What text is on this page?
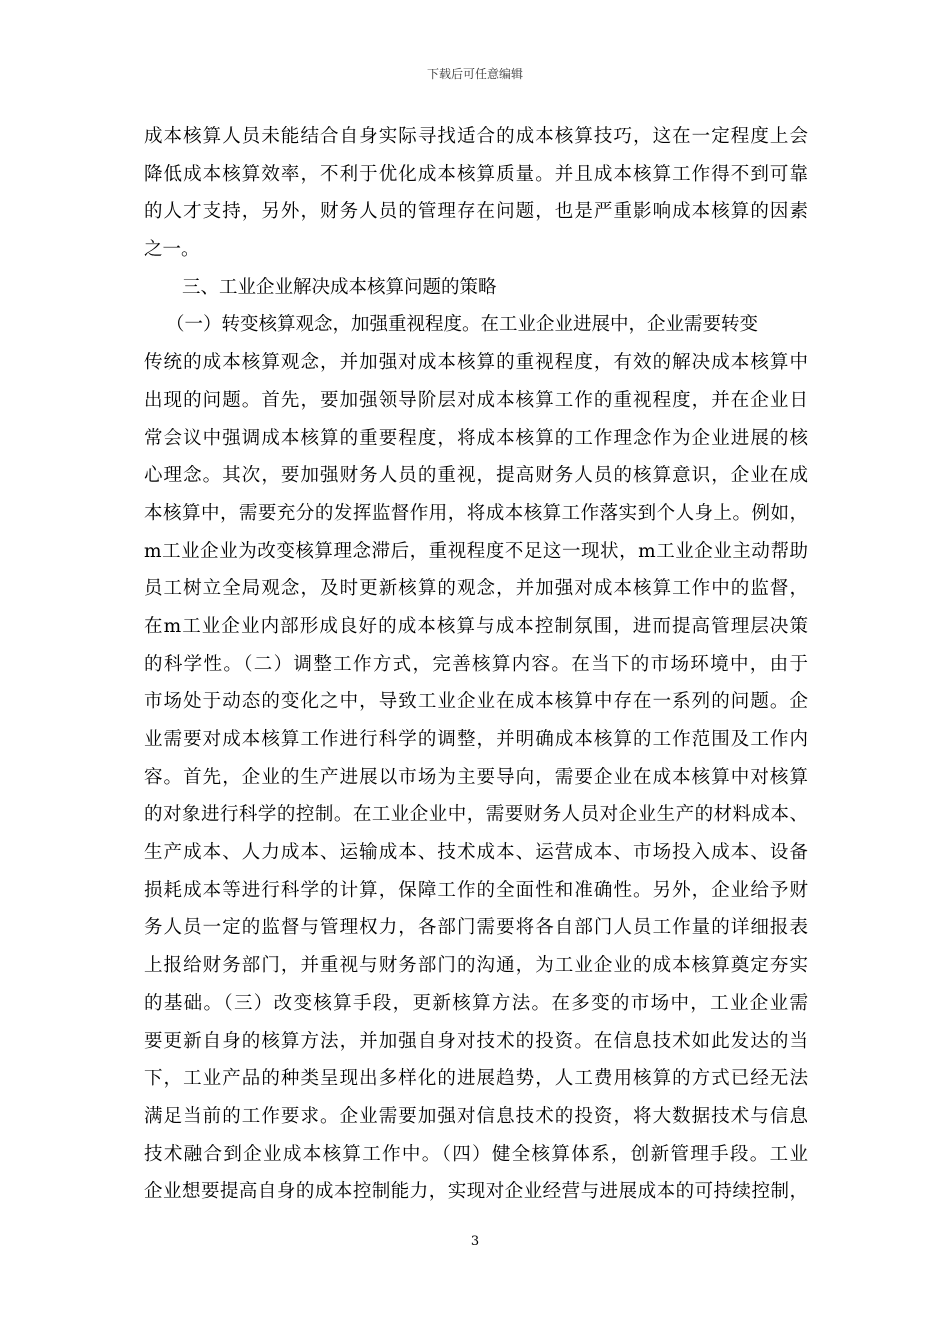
下载后可任意编辑
成本核算人员未能结合自身实际寻找适合的成本核算技巧，这在一定程度上会
降低成本核算效率，不利于优化成本核算质量。并且成本核算工作得不到可靠
的人才支持，另外，财务人员的管理存在问题，也是严重影响成本核算的因素
之一。
三、工业企业解决成本核算问题的策略
（一）转变核算观念，加强重视程度。在工业企业进展中，企业需要转变
传统的成本核算观念，并加强对成本核算的重视程度，有效的解决成本核算中
出现的问题。首先，要加强领导阶层对成本核算工作的重视程度，并在企业日
常会议中强调成本核算的重要程度，将成本核算的工作理念作为企业进展的核
心理念。其次，要加强财务人员的重视，提高财务人员的核算意识，企业在成
本核算中，需要充分的发挥监督作用，将成本核算工作落实到个人身上。例如，
m工业企业为改变核算理念滞后，重视程度不足这一现状，m工业企业主动帮助
员工树立全局观念，及时更新核算的观念，并加强对成本核算工作中的监督，
在m工业企业内部形成良好的成本核算与成本控制氛围，进而提高管理层决策
的科学性。（二）调整工作方式，完善核算内容。在当下的市场环境中，由于
市场处于动态的变化之中，导致工业企业在成本核算中存在一系列的问题。企
业需要对成本核算工作进行科学的调整，并明确成本核算的工作范围及工作内
容。首先，企业的生产进展以市场为主要导向，需要企业在成本核算中对核算
的对象进行科学的控制。在工业企业中，需要财务人员对企业生产的材料成本、
生产成本、人力成本、运输成本、技术成本、运营成本、市场投入成本、设备
损耗成本等进行科学的计算，保障工作的全面性和准确性。另外，企业给予财
务人员一定的监督与管理权力，各部门需要将各自部门人员工作量的详细报表
上报给财务部门，并重视与财务部门的沟通，为工业企业的成本核算奠定夯实
的基础。（三）改变核算手段，更新核算方法。在多变的市场中，工业企业需
要更新自身的核算方法，并加强自身对技术的投资。在信息技术如此发达的当
下，工业产品的种类呈现出多样化的进展趋势，人工费用核算的方式已经无法
满足当前的工作要求。企业需要加强对信息技术的投资，将大数据技术与信息
技术融合到企业成本核算工作中。（四）健全核算体系，创新管理手段。工业
企业想要提高自身的成本控制能力，实现对企业经营与进展成本的可持续控制，
3
